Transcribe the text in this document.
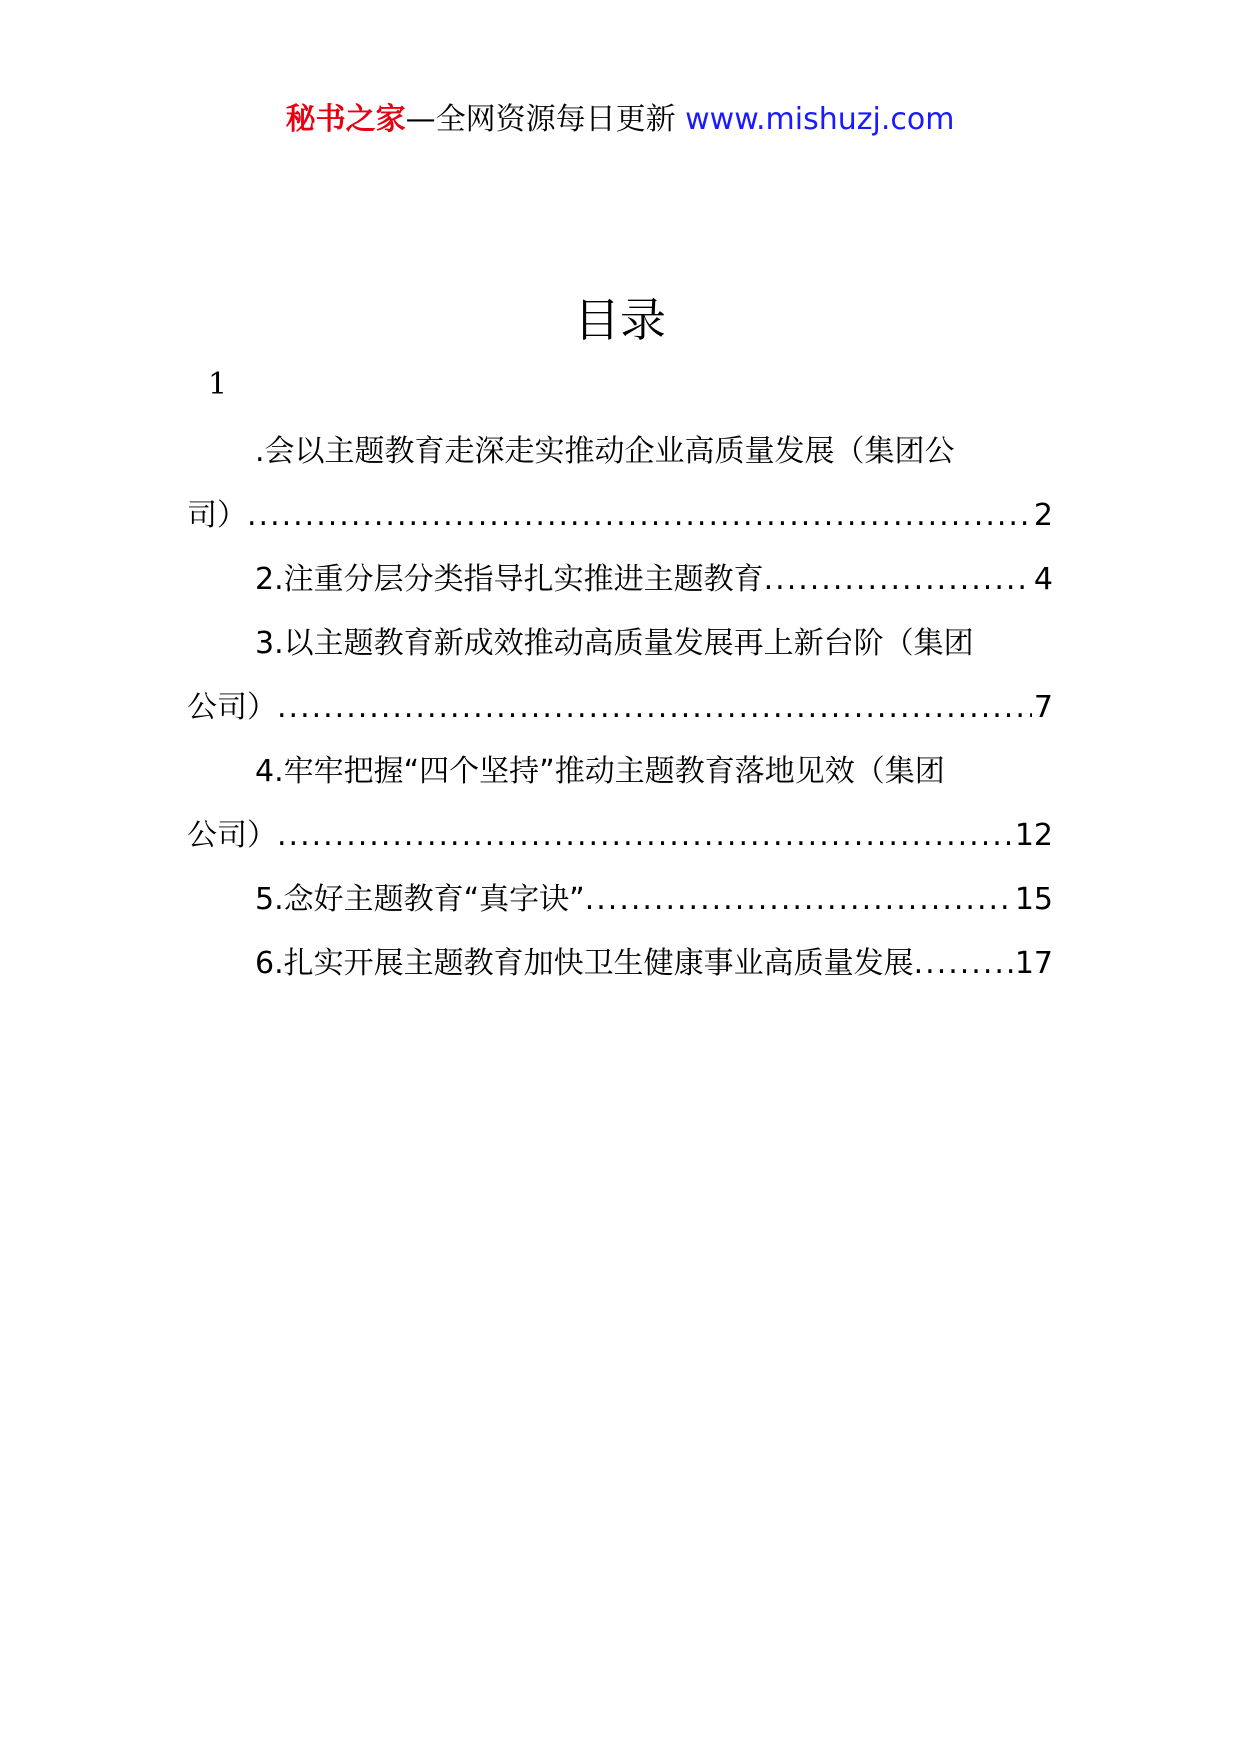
秘书之家—全网资源每日更新 www.mishuzj.com
目录
1
.会以主题教育走深走实推动企业高质量发展（集团公
司） .....	2
2.注重分层分类指导扎实推进主题教育 .....	4
3.以主题教育新成效推动高质量发展再上新台阶（集团
公司） .....	7
4.牢牢把握“四个坚持”推动主题教育落地见效（集团
公司） .....	12
5.念好主题教育“真字诀” .....	15
6.扎实开展主题教育加快卫生健康事业高质量发展 .....	17
